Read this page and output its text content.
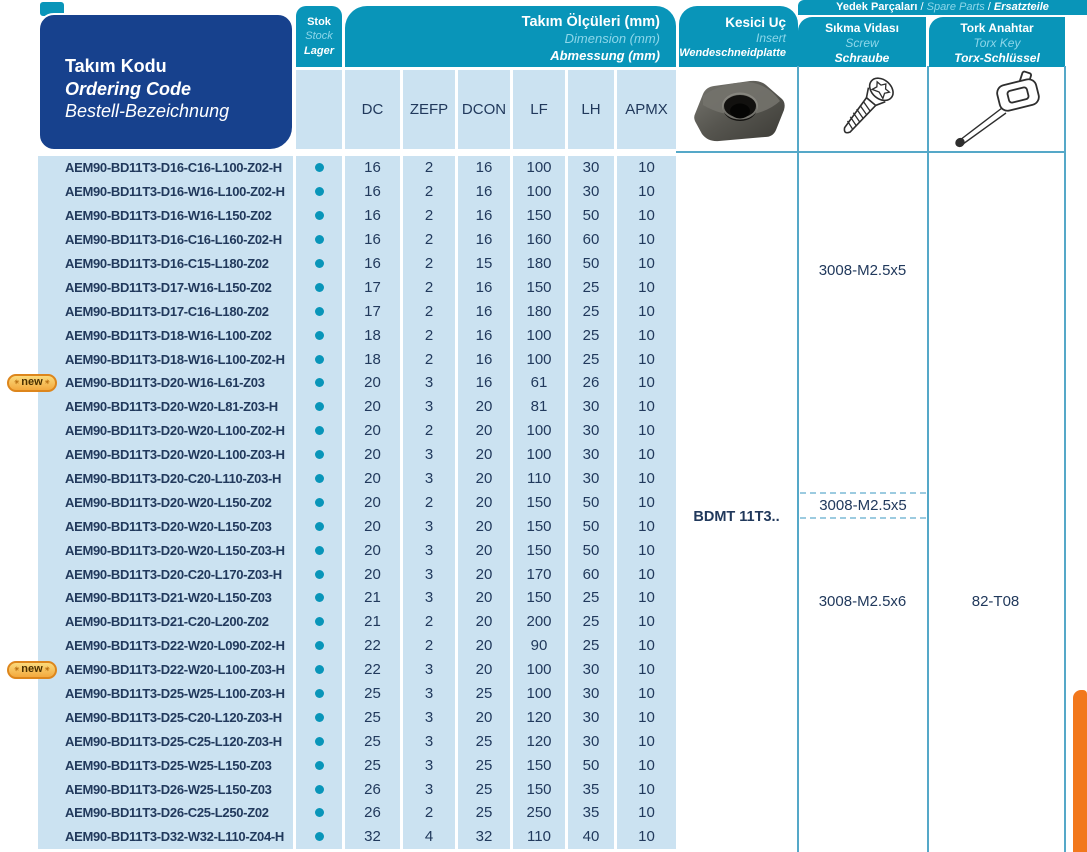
Takım Kodu
Ordering Code
Bestell-Bezeichnung
Stok
Stock
Lager
Takım Ölçüleri (mm)
Dimension (mm)
Abmessung (mm)
Kesici Uç
Insert
Wendeschneidplatte
Yedek Parçaları / Spare Parts / Ersatzteile
Sıkma Vidası
Screw
Schraube
Tork Anahtar
Torx Key
Torx-Schlüssel
DC	ZEFP DCON	LF	LH	APMX
AEM90-BD11T3-D16-C16-L100-Z02-H	16	2	16	100	30	10
AEM90-BD11T3-D16-W16-L100-Z02-H	16	2	16	100	30	10
AEM90-BD11T3-D16-W16-L150-Z02	16	2	16	150	50	10
AEM90-BD11T3-D16-C16-L160-Z02-H	16	2	16	160	60	10
AEM90-BD11T3-D16-C15-L180-Z02	16	2	15	180	50	10
AEM90-BD11T3-D17-W16-L150-Z02	17	2	16	150	25	10
AEM90-BD11T3-D17-C16-L180-Z02	17	2	16	180	25	10
AEM90-BD11T3-D18-W16-L100-Z02	18	2	16	100	25	10
AEM90-BD11T3-D18-W16-L100-Z02-H	18	2	16	100	25	10
AEM90-BD11T3-D20-W16-L61-Z03	20	3	16	61	26	10
✳ new ✳
AEM90-BD11T3-D20-W20-L81-Z03-H	20	3	20	81	30	10
AEM90-BD11T3-D20-W20-L100-Z02-H	20	2	20	100	30	10
AEM90-BD11T3-D20-W20-L100-Z03-H	20	3	20	100	30	10
AEM90-BD11T3-D20-C20-L110-Z03-H	20	3	20	110	30	10
AEM90-BD11T3-D20-W20-L150-Z02	20	2	20	150	50	10
AEM90-BD11T3-D20-W20-L150-Z03	20	3	20	150	50	10
AEM90-BD11T3-D20-W20-L150-Z03-H	20	3	20	150	50	10
AEM90-BD11T3-D20-C20-L170-Z03-H	20	3	20	170	60	10
AEM90-BD11T3-D21-W20-L150-Z03	21	3	20	150	25	10
AEM90-BD11T3-D21-C20-L200-Z02	21	2	20	200	25	10
AEM90-BD11T3-D22-W20-L090-Z02-H	22	2	20	90	25	10
AEM90-BD11T3-D22-W20-L100-Z03-H	22	3	20	100	30	10
✳ new ✳
AEM90-BD11T3-D25-W25-L100-Z03-H	25	3	25	100	30	10
AEM90-BD11T3-D25-C20-L120-Z03-H	25	3	20	120	30	10
AEM90-BD11T3-D25-C25-L120-Z03-H	25	3	25	120	30	10
AEM90-BD11T3-D25-W25-L150-Z03	25	3	25	150	50	10
AEM90-BD11T3-D26-W25-L150-Z03	26	3	25	150	35	10
AEM90-BD11T3-D26-C25-L250-Z02	26	2	25	250	35	10
AEM90-BD11T3-D32-W32-L110-Z04-H	32	4	32	110	40	10
BDMT 11T3..
3008-M2.5x5
3008-M2.5x5
3008-M2.5x6	82-T08
